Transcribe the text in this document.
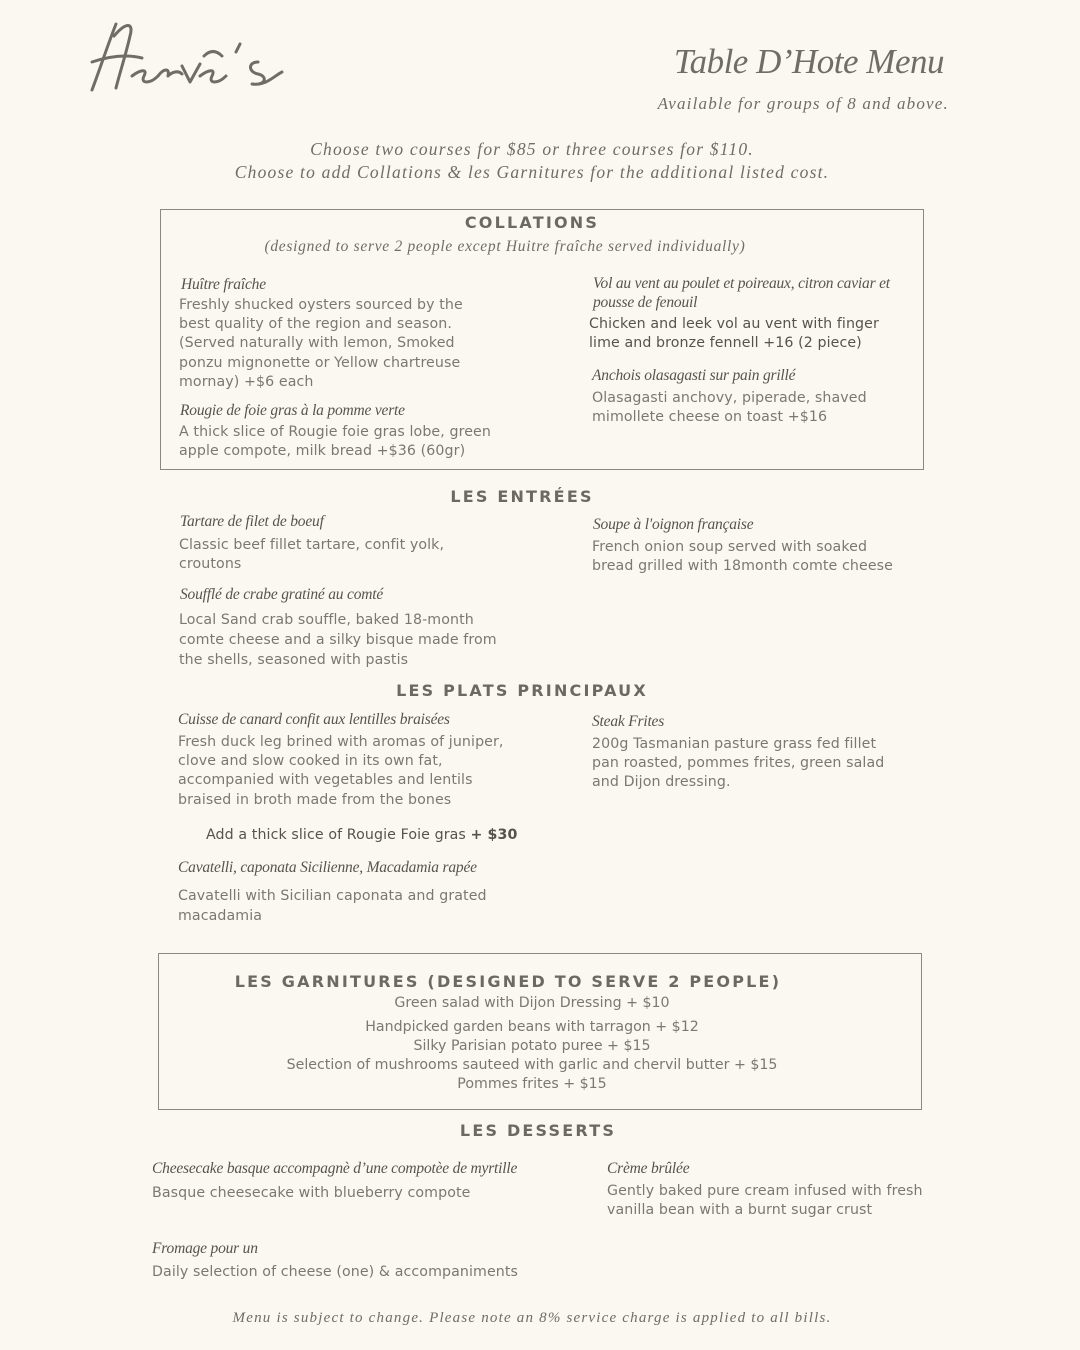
Table D’Hote Menu
Available for groups of 8 and above.
Choose two courses for $85 or three courses for $110.
Choose to add Collations & les Garnitures for the additional listed cost.
COLLATIONS
(designed to serve 2 people except Huitre fraîche served individually)
Huître fraîche
Freshly shucked oysters sourced by the best quality of the region and season. (Served naturally with lemon, Smoked ponzu mignonette or Yellow chartreuse mornay) +$6 each
Rougie de foie gras à la pomme verte
A thick slice of Rougie foie gras lobe, green apple compote, milk bread +$36 (60gr)
Vol au vent au poulet et poireaux, citron caviar et pousse de fenouil
Chicken and leek vol au vent with finger lime and bronze fennell +16 (2 piece)
Anchois olasagasti sur pain grillé
Olasagasti anchovy, piperade, shaved mimollete cheese on toast +$16
LES ENTRÉES
Tartare de filet de boeuf
Classic beef fillet tartare, confit yolk, croutons
Soufflé de crabe gratiné au comté
Local Sand crab souffle, baked 18-month comte cheese and a silky bisque made from the shells, seasoned with pastis
Soupe à l'oignon française
French onion soup served with soaked bread grilled with 18month comte cheese
LES PLATS PRINCIPAUX
Cuisse de canard confit aux lentilles braisées
Fresh duck leg brined with aromas of juniper, clove and slow cooked in its own fat, accompanied with vegetables and lentils braised in broth made from the bones
Steak Frites
200g Tasmanian pasture grass fed fillet pan roasted, pommes frites, green salad and Dijon dressing.
Add a thick slice of Rougie Foie gras + $30
Cavatelli, caponata Sicilienne, Macadamia rapée
Cavatelli with Sicilian caponata and grated macadamia
LES GARNITURES (DESIGNED TO SERVE 2 PEOPLE)
Green salad with Dijon Dressing + $10
Handpicked garden beans with tarragon + $12
Silky Parisian potato puree + $15
Selection of mushrooms sauteed with garlic and chervil butter + $15
Pommes frites + $15
LES DESSERTS
Cheesecake basque accompagnè d’une compotèe de myrtille
Basque cheesecake with blueberry compote
Fromage pour un
Daily selection of cheese (one) & accompaniments
Crème brûlée
Gently baked pure cream infused with fresh vanilla bean with a burnt sugar crust
Menu is subject to change. Please note an 8% service charge is applied to all bills.
